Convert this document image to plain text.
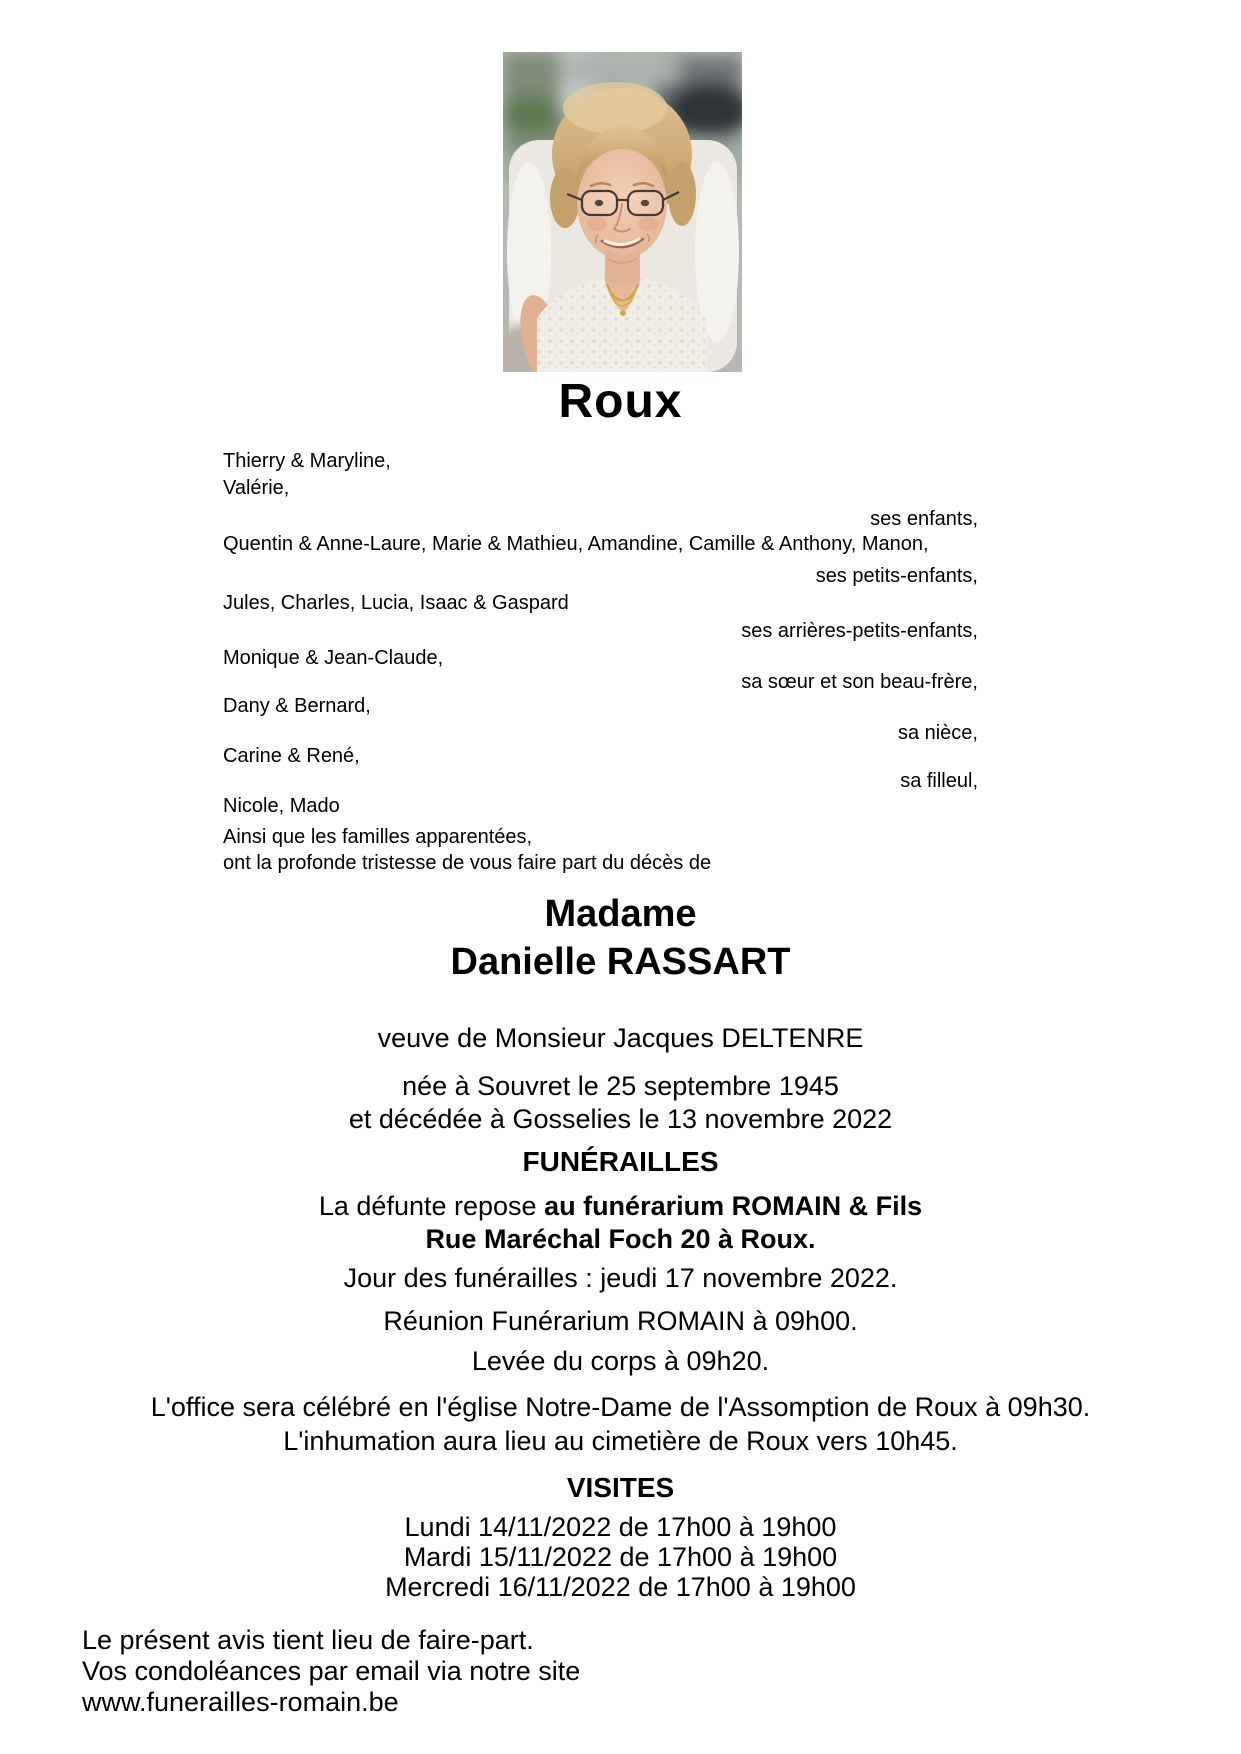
Roux
Thierry & Maryline,
Valérie,
ses enfants,
Quentin & Anne-Laure, Marie & Mathieu, Amandine, Camille & Anthony, Manon,
ses petits-enfants,
Jules, Charles, Lucia, Isaac & Gaspard
ses arrières-petits-enfants,
Monique & Jean-Claude,
sa sœur et son beau-frère,
Dany & Bernard,
sa nièce,
Carine & René,
sa filleul,
Nicole, Mado
Ainsi que les familles apparentées,
ont la profonde tristesse de vous faire part du décès de
Madame
Danielle RASSART
veuve de Monsieur Jacques DELTENRE
née à Souvret le 25 septembre 1945
et décédée à Gosselies le 13 novembre 2022
FUNÉRAILLES
La défunte repose au funérarium ROMAIN & Fils
Rue Maréchal Foch 20 à Roux.
Jour des funérailles : jeudi 17 novembre 2022.
Réunion Funérarium ROMAIN à 09h00.
Levée du corps à 09h20.
L'office sera célébré en l'église Notre-Dame de l'Assomption de Roux à 09h30.
L'inhumation aura lieu au cimetière de Roux vers 10h45.
VISITES
Lundi 14/11/2022 de 17h00 à 19h00
Mardi 15/11/2022 de 17h00 à 19h00
Mercredi 16/11/2022 de 17h00 à 19h00
Le présent avis tient lieu de faire-part.
Vos condoléances par email via notre site
www.funerailles-romain.be
